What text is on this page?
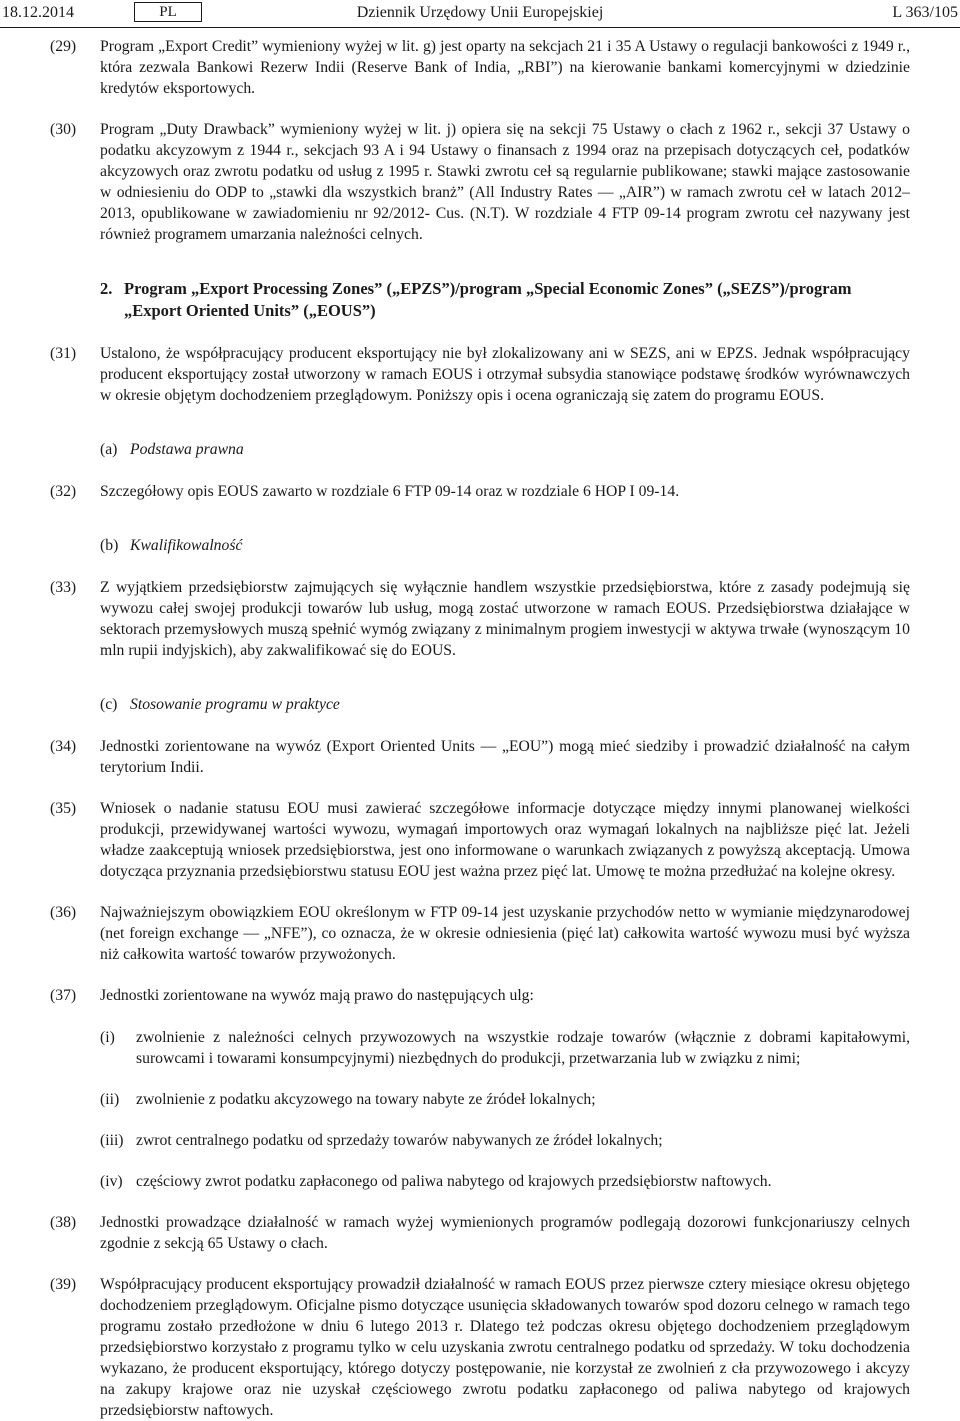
18.12.2014	PL	Dziennik Urzędowy Unii Europejskiej	L 363/105
(29) Program „Export Credit” wymieniony wyżej w lit. g) jest oparty na sekcjach 21 i 35 A Ustawy o regulacji bankowości z 1949 r., która zezwala Bankowi Rezerw Indii (Reserve Bank of India, „RBI”) na kierowanie bankami komercyjnymi w dziedzinie kredytów eksportowych.
(30) Program „Duty Drawback” wymieniony wyżej w lit. j) opiera się na sekcji 75 Ustawy o cłach z 1962 r., sekcji 37 Ustawy o podatku akcyzowym z 1944 r., sekcjach 93 A i 94 Ustawy o finansach z 1994 oraz na przepisach dotyczących ceł, podatków akcyzowych oraz zwrotu podatku od usług z 1995 r. Stawki zwrotu ceł są regularnie publikowane; stawki mające zastosowanie w odniesieniu do ODP to „stawki dla wszystkich branż” (All Industry Rates — „AIR”) w ramach zwrotu ceł w latach 2012–2013, opublikowane w zawiadomieniu nr 92/2012- Cus. (N.T). W rozdziale 4 FTP 09-14 program zwrotu ceł nazywany jest również programem umarzania należności celnych.
2. Program „Export Processing Zones” („EPZS”)/program „Special Economic Zones” („SEZS”)/program „Export Oriented Units” („EOUS”)
(31) Ustalono, że współpracujący producent eksportujący nie był zlokalizowany ani w SEZS, ani w EPZS. Jednak współpracujący producent eksportujący został utworzony w ramach EOUS i otrzymał subsydia stanowiące podstawę środków wyrównawczych w okresie objętym dochodzeniem przeglądowym. Poniższy opis i ocena ograniczają się zatem do programu EOUS.
(a) Podstawa prawna
(32) Szczegółowy opis EOUS zawarto w rozdziale 6 FTP 09-14 oraz w rozdziale 6 HOP I 09-14.
(b) Kwalifikowalność
(33) Z wyjątkiem przedsiębiorstw zajmujących się wyłącznie handlem wszystkie przedsiębiorstwa, które z zasady podejmują się wywozu całej swojej produkcji towarów lub usług, mogą zostać utworzone w ramach EOUS. Przedsiębiorstwa działające w sektorach przemysłowych muszą spełnić wymóg związany z minimalnym progiem inwestycji w aktywa trwałe (wynoszącym 10 mln rupii indyjskich), aby zakwalifikować się do EOUS.
(c) Stosowanie programu w praktyce
(34) Jednostki zorientowane na wywóz (Export Oriented Units — „EOU”) mogą mieć siedziby i prowadzić działalność na całym terytorium Indii.
(35) Wniosek o nadanie statusu EOU musi zawierać szczegółowe informacje dotyczące między innymi planowanej wielkości produkcji, przewidywanej wartości wywozu, wymagań importowych oraz wymagań lokalnych na najbliższe pięć lat. Jeżeli władze zaakceptują wniosek przedsiębiorstwa, jest ono informowane o warunkach związanych z powyższą akceptacją. Umowa dotycząca przyznania przedsiębiorstwu statusu EOU jest ważna przez pięć lat. Umowę te można przedłużać na kolejne okresy.
(36) Najważniejszym obowiązkiem EOU określonym w FTP 09-14 jest uzyskanie przychodów netto w wymianie międzynarodowej (net foreign exchange — „NFE”), co oznacza, że w okresie odniesienia (pięć lat) całkowita wartość wywozu musi być wyższa niż całkowita wartość towarów przywożonych.
(37) Jednostki zorientowane na wywóz mają prawo do następujących ulg:
(i) zwolnienie z należności celnych przywozowych na wszystkie rodzaje towarów (włącznie z dobrami kapitałowymi, surowcami i towarami konsumpcyjnymi) niezbędnych do produkcji, przetwarzania lub w związku z nimi;
(ii) zwolnienie z podatku akcyzowego na towary nabyte ze źródeł lokalnych;
(iii) zwrot centralnego podatku od sprzedaży towarów nabywanych ze źródeł lokalnych;
(iv) częściowy zwrot podatku zapłaconego od paliwa nabytego od krajowych przedsiębiorstw naftowych.
(38) Jednostki prowadzące działalność w ramach wyżej wymienionych programów podlegają dozorowi funkcjonariuszy celnych zgodnie z sekcją 65 Ustawy o cłach.
(39) Współpracujący producent eksportujący prowadził działalność w ramach EOUS przez pierwsze cztery miesiące okresu objętego dochodzeniem przeglądowym. Oficjalne pismo dotyczące usunięcia składowanych towarów spod dozoru celnego w ramach tego programu zostało przedłożone w dniu 6 lutego 2013 r. Dlatego też podczas okresu objętego dochodzeniem przeglądowym przedsiębiorstwo korzystało z programu tylko w celu uzyskania zwrotu centralnego podatku od sprzedaży. W toku dochodzenia wykazano, że producent eksportujący, którego dotyczy postępowanie, nie korzystał ze zwolnień z cła przywozowego i akcyzy na zakupy krajowe oraz nie uzyskał częściowego zwrotu podatku zapłaconego od paliwa nabytego od krajowych przedsiębiorstw naftowych.
